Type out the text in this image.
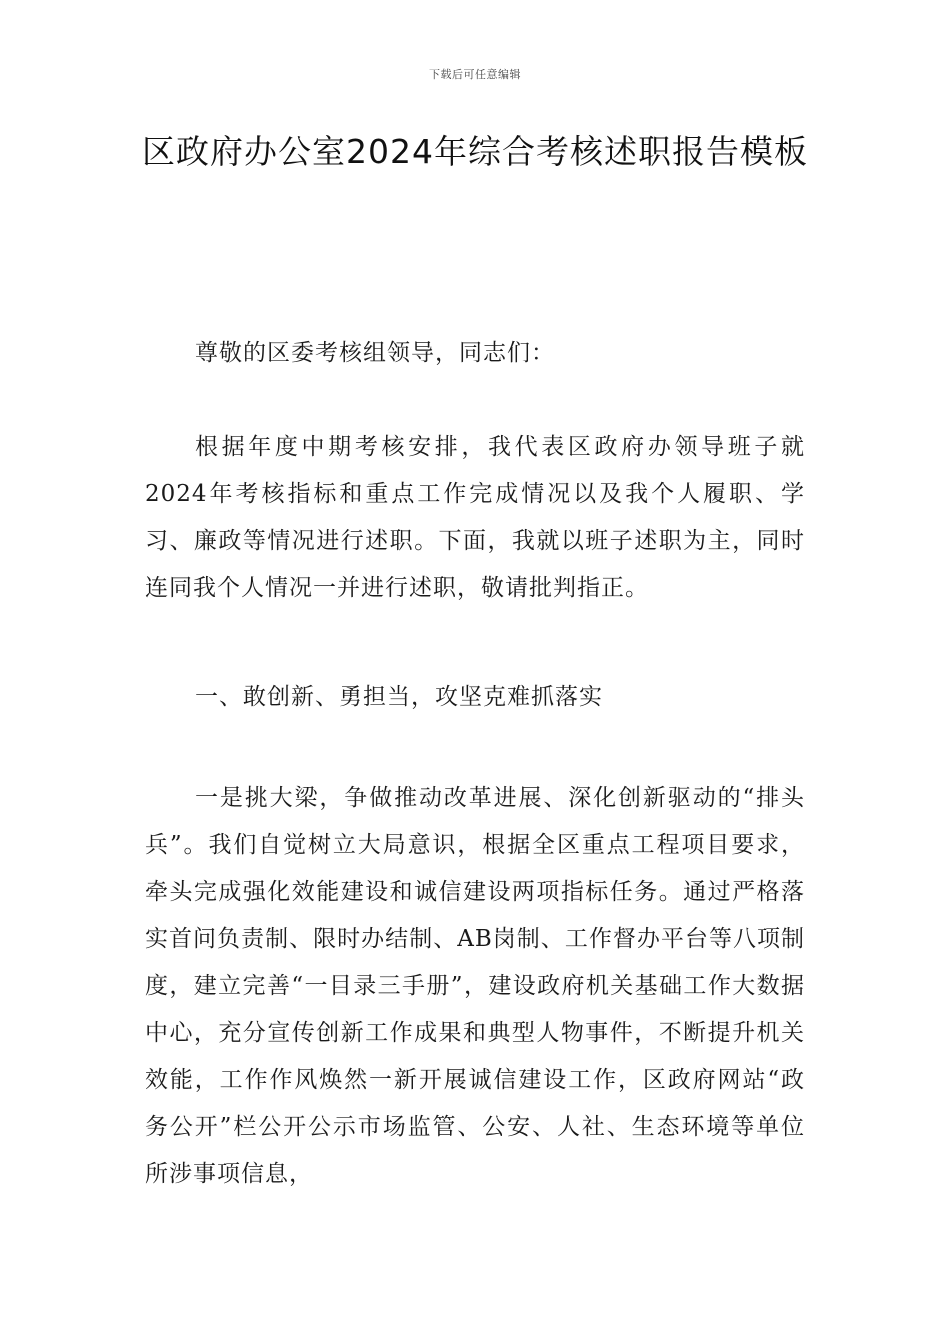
下载后可任意编辑
区政府办公室2024年综合考核述职报告模板
尊敬的区委考核组领导，同志们：
根据年度中期考核安排，我代表区政府办领导班子就2024年考核指标和重点工作完成情况以及我个人履职、学习、廉政等情况进行述职。下面，我就以班子述职为主，同时连同我个人情况一并进行述职，敬请批判指正。
一、敢创新、勇担当，攻坚克难抓落实
一是挑大梁，争做推动改革进展、深化创新驱动的“排头兵”。我们自觉树立大局意识，根据全区重点工程项目要求，牵头完成强化效能建设和诚信建设两项指标任务。通过严格落实首问负责制、限时办结制、AB岗制、工作督办平台等八项制度，建立完善“一目录三手册”，建设政府机关基础工作大数据中心，充分宣传创新工作成果和典型人物事件，不断提升机关效能，工作作风焕然一新开展诚信建设工作，区政府网站“政务公开”栏公开公示市场监管、公安、人社、生态环境等单位所涉事项信息，
